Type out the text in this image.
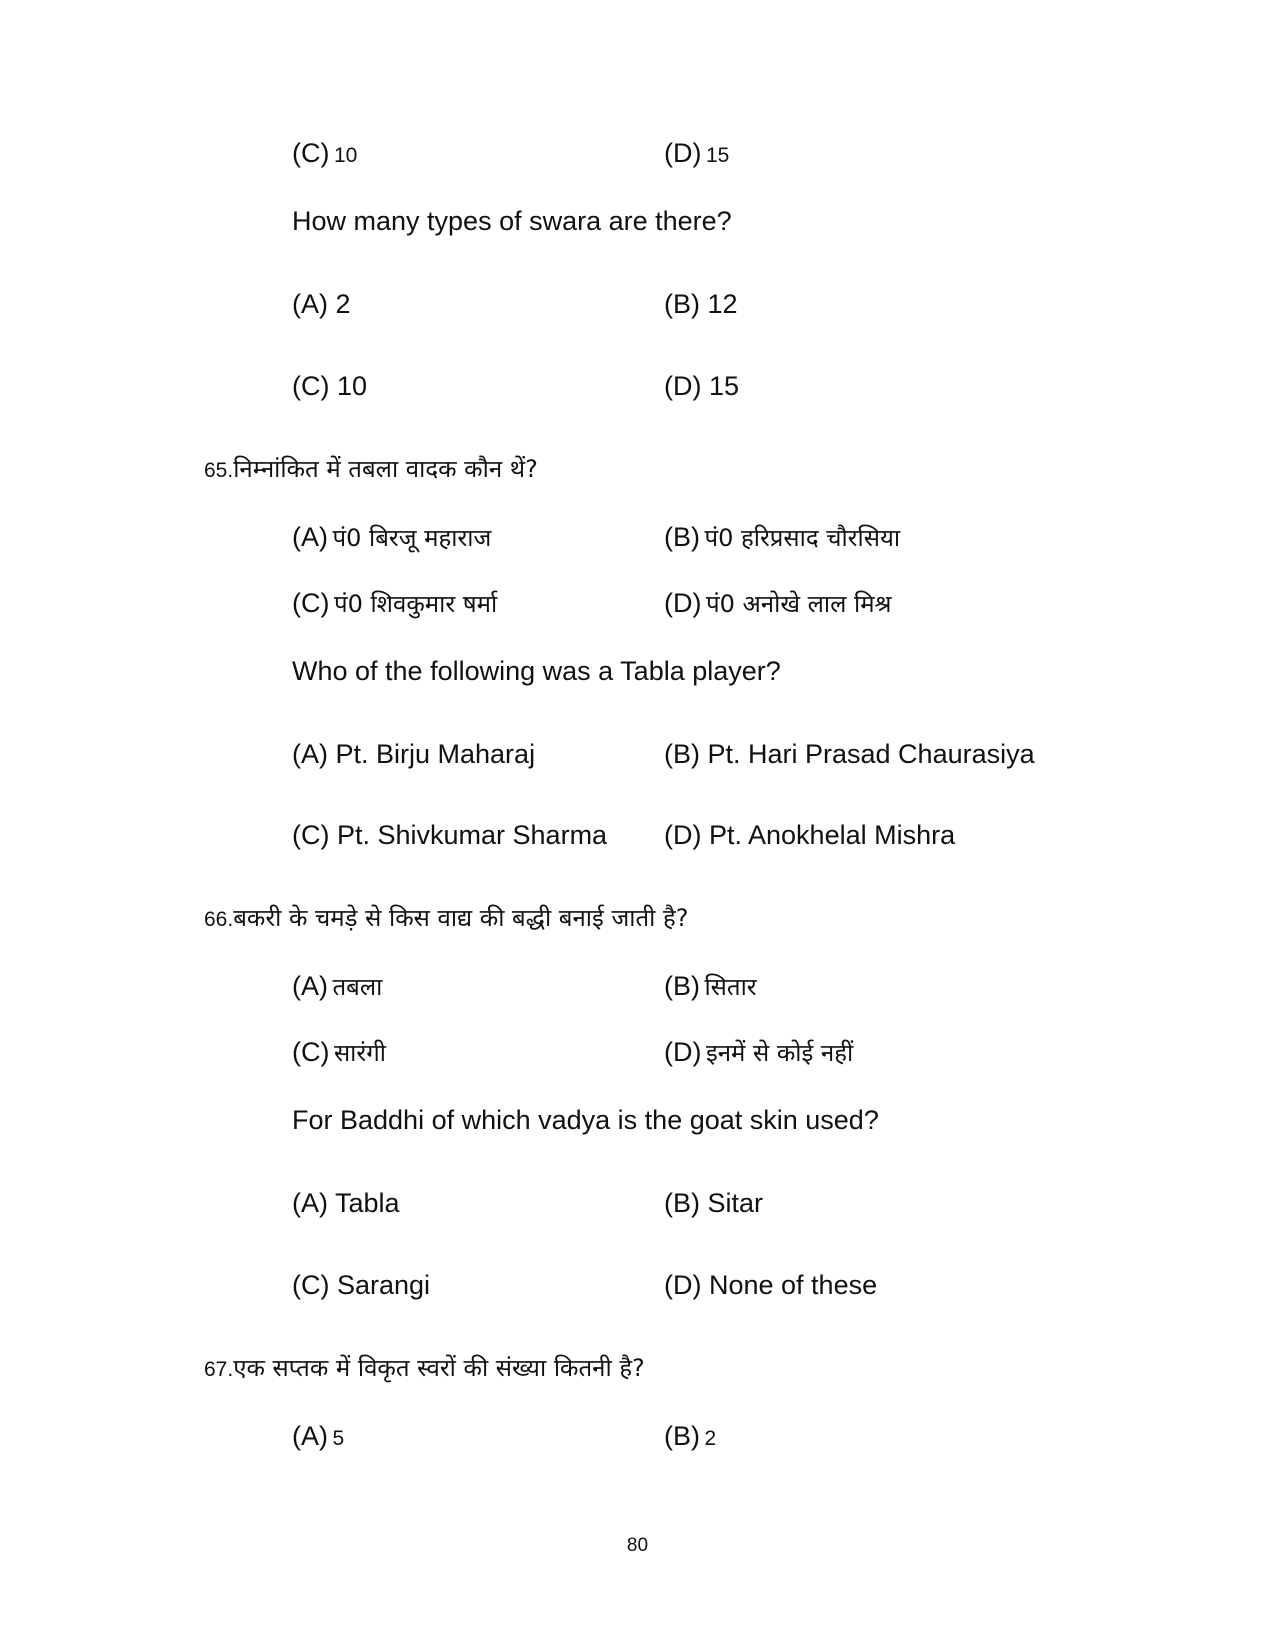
(C) 10	(D) 15
How many types of swara are there?
(A) 2	(B) 12
(C) 10	(D) 15
65.निम्नांकित में तबला वादक कौन थें?
(A) पं0 बिरजू महाराज	(B) पं0 हरिप्रसाद चौरसिया
(C) पं0 शिवकुमार षर्मा	(D) पं0 अनोखे लाल मिश्र
Who of the following was a Tabla player?
(A) Pt. Birju Maharaj	(B) Pt. Hari Prasad Chaurasiya
(C) Pt. Shivkumar Sharma (D) Pt. Anokhelal Mishra
66.बकरी के चमड़े से किस वाद्य की बद्धी बनाई जाती है?
(A) तबला	(B) सितार
(C) सारंगी	(D) इनमें से कोई नहीं
For Baddhi of which vadya is the goat skin used?
(A) Tabla	(B) Sitar
(C) Sarangi	(D) None of these
67.एक सप्तक में विकृत स्वरों की संख्या कितनी है?
(A) 5	(B) 2
80
